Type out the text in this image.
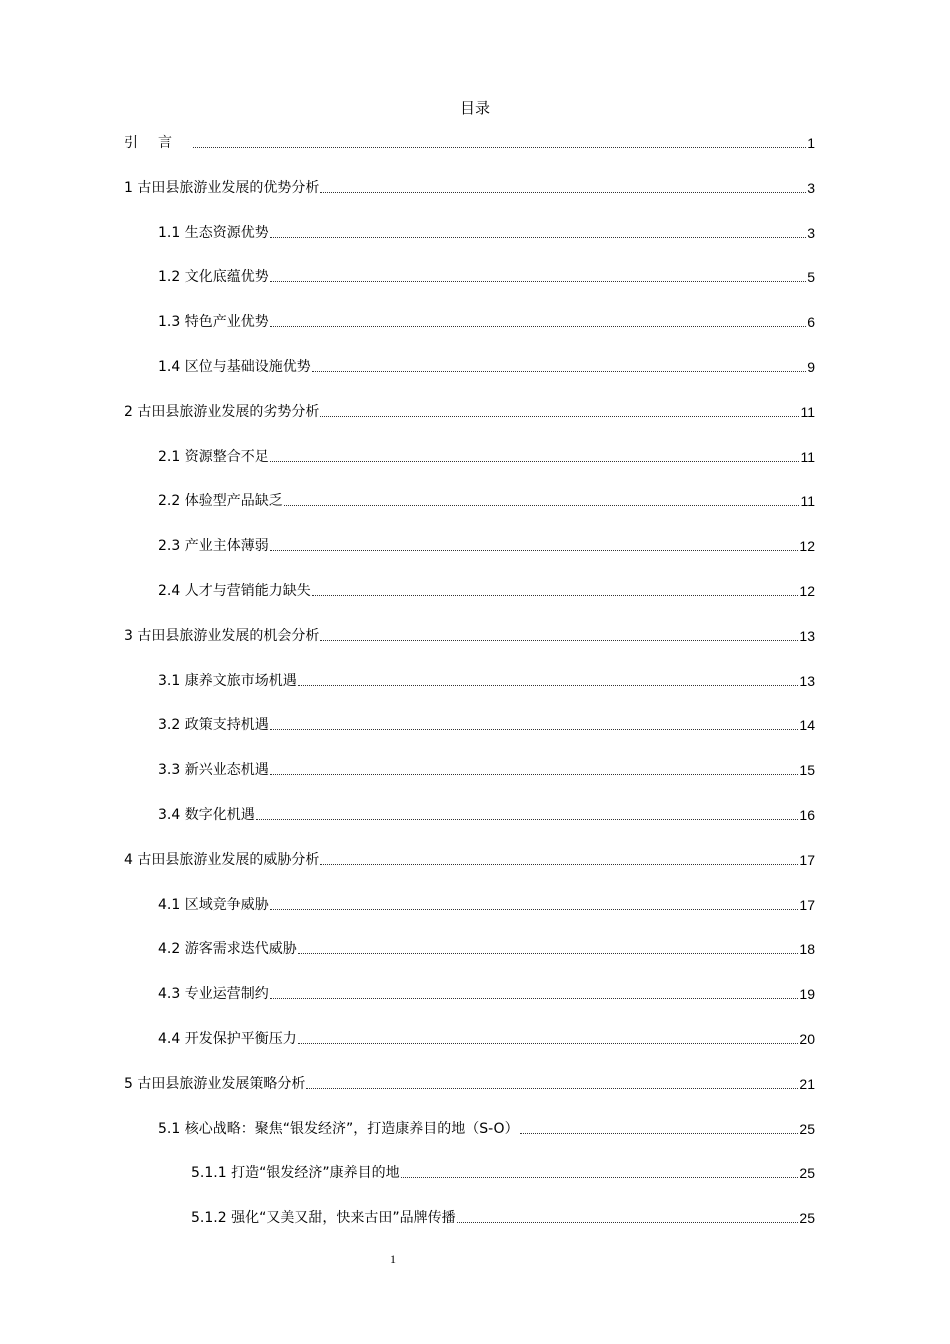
目录
引言	1
1 古田县旅游业发展的优势分析	3
1.1 生态资源优势	3
1.2 文化底蕴优势	5
1.3 特色产业优势	6
1.4 区位与基础设施优势	9
2 古田县旅游业发展的劣势分析	11
2.1 资源整合不足	11
2.2 体验型产品缺乏	11
2.3 产业主体薄弱	12
2.4 人才与营销能力缺失	12
3 古田县旅游业发展的机会分析	13
3.1 康养文旅市场机遇	13
3.2 政策支持机遇	14
3.3 新兴业态机遇	15
3.4 数字化机遇	16
4 古田县旅游业发展的威胁分析	17
4.1 区域竞争威胁	17
4.2 游客需求迭代威胁	18
4.3 专业运营制约	19
4.4 开发保护平衡压力	20
5 古田县旅游业发展策略分析	21
5.1 核心战略：聚焦“银发经济”，打造康养目的地（S-O）	25
5.1.1 打造“银发经济”康养目的地	25
5.1.2 强化“又美又甜，快来古田”品牌传播	25
1
